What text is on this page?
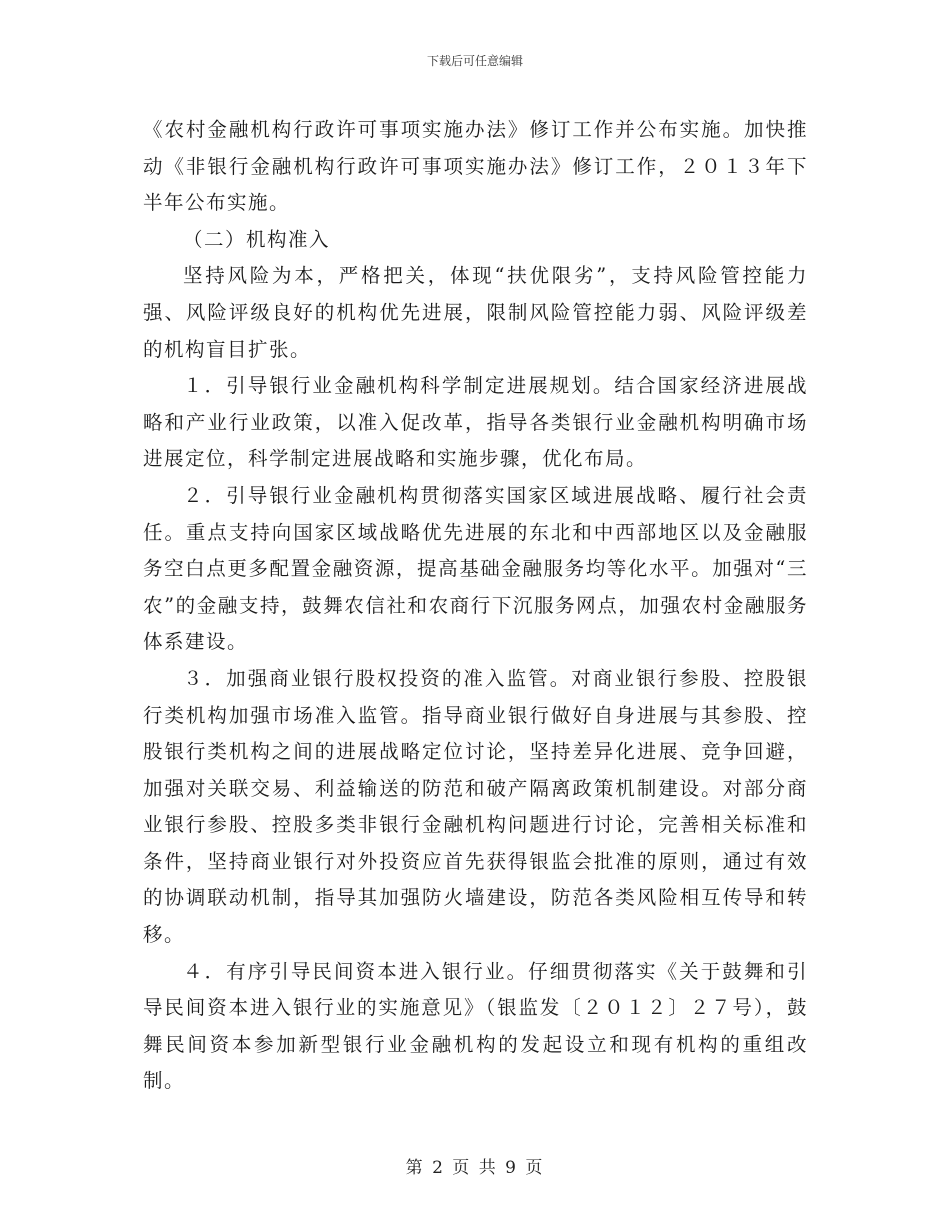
下载后可任意编辑

《农村金融机构行政许可事项实施办法》修订工作并公布实施。加快推动《非银行金融机构行政许可事项实施办法》修订工作，２０１３年下半年公布实施。

（二）机构准入

坚持风险为本，严格把关，体现“扶优限劣”，支持风险管控能力强、风险评级良好的机构优先进展，限制风险管控能力弱、风险评级差的机构盲目扩张。

１．引导银行业金融机构科学制定进展规划。结合国家经济进展战略和产业行业政策，以准入促改革，指导各类银行业金融机构明确市场进展定位，科学制定进展战略和实施步骤，优化布局。

２．引导银行业金融机构贯彻落实国家区域进展战略、履行社会责任。重点支持向国家区域战略优先进展的东北和中西部地区以及金融服务空白点更多配置金融资源，提高基础金融服务均等化水平。加强对“三农”的金融支持，鼓舞农信社和农商行下沉服务网点，加强农村金融服务体系建设。

３．加强商业银行股权投资的准入监管。对商业银行参股、控股银行类机构加强市场准入监管。指导商业银行做好自身进展与其参股、控股银行类机构之间的进展战略定位讨论，坚持差异化进展、竞争回避，加强对关联交易、利益输送的防范和破产隔离政策机制建设。对部分商业银行参股、控股多类非银行金融机构问题进行讨论，完善相关标准和条件，坚持商业银行对外投资应首先获得银监会批准的原则，通过有效的协调联动机制，指导其加强防火墙建设，防范各类风险相互传导和转移。

４．有序引导民间资本进入银行业。仔细贯彻落实《关于鼓舞和引导民间资本进入银行业的实施意见》（银监发〔２０１２〕２７号），鼓舞民间资本参加新型银行业金融机构的发起设立和现有机构的重组改制。

第 2 页 共 9 页
